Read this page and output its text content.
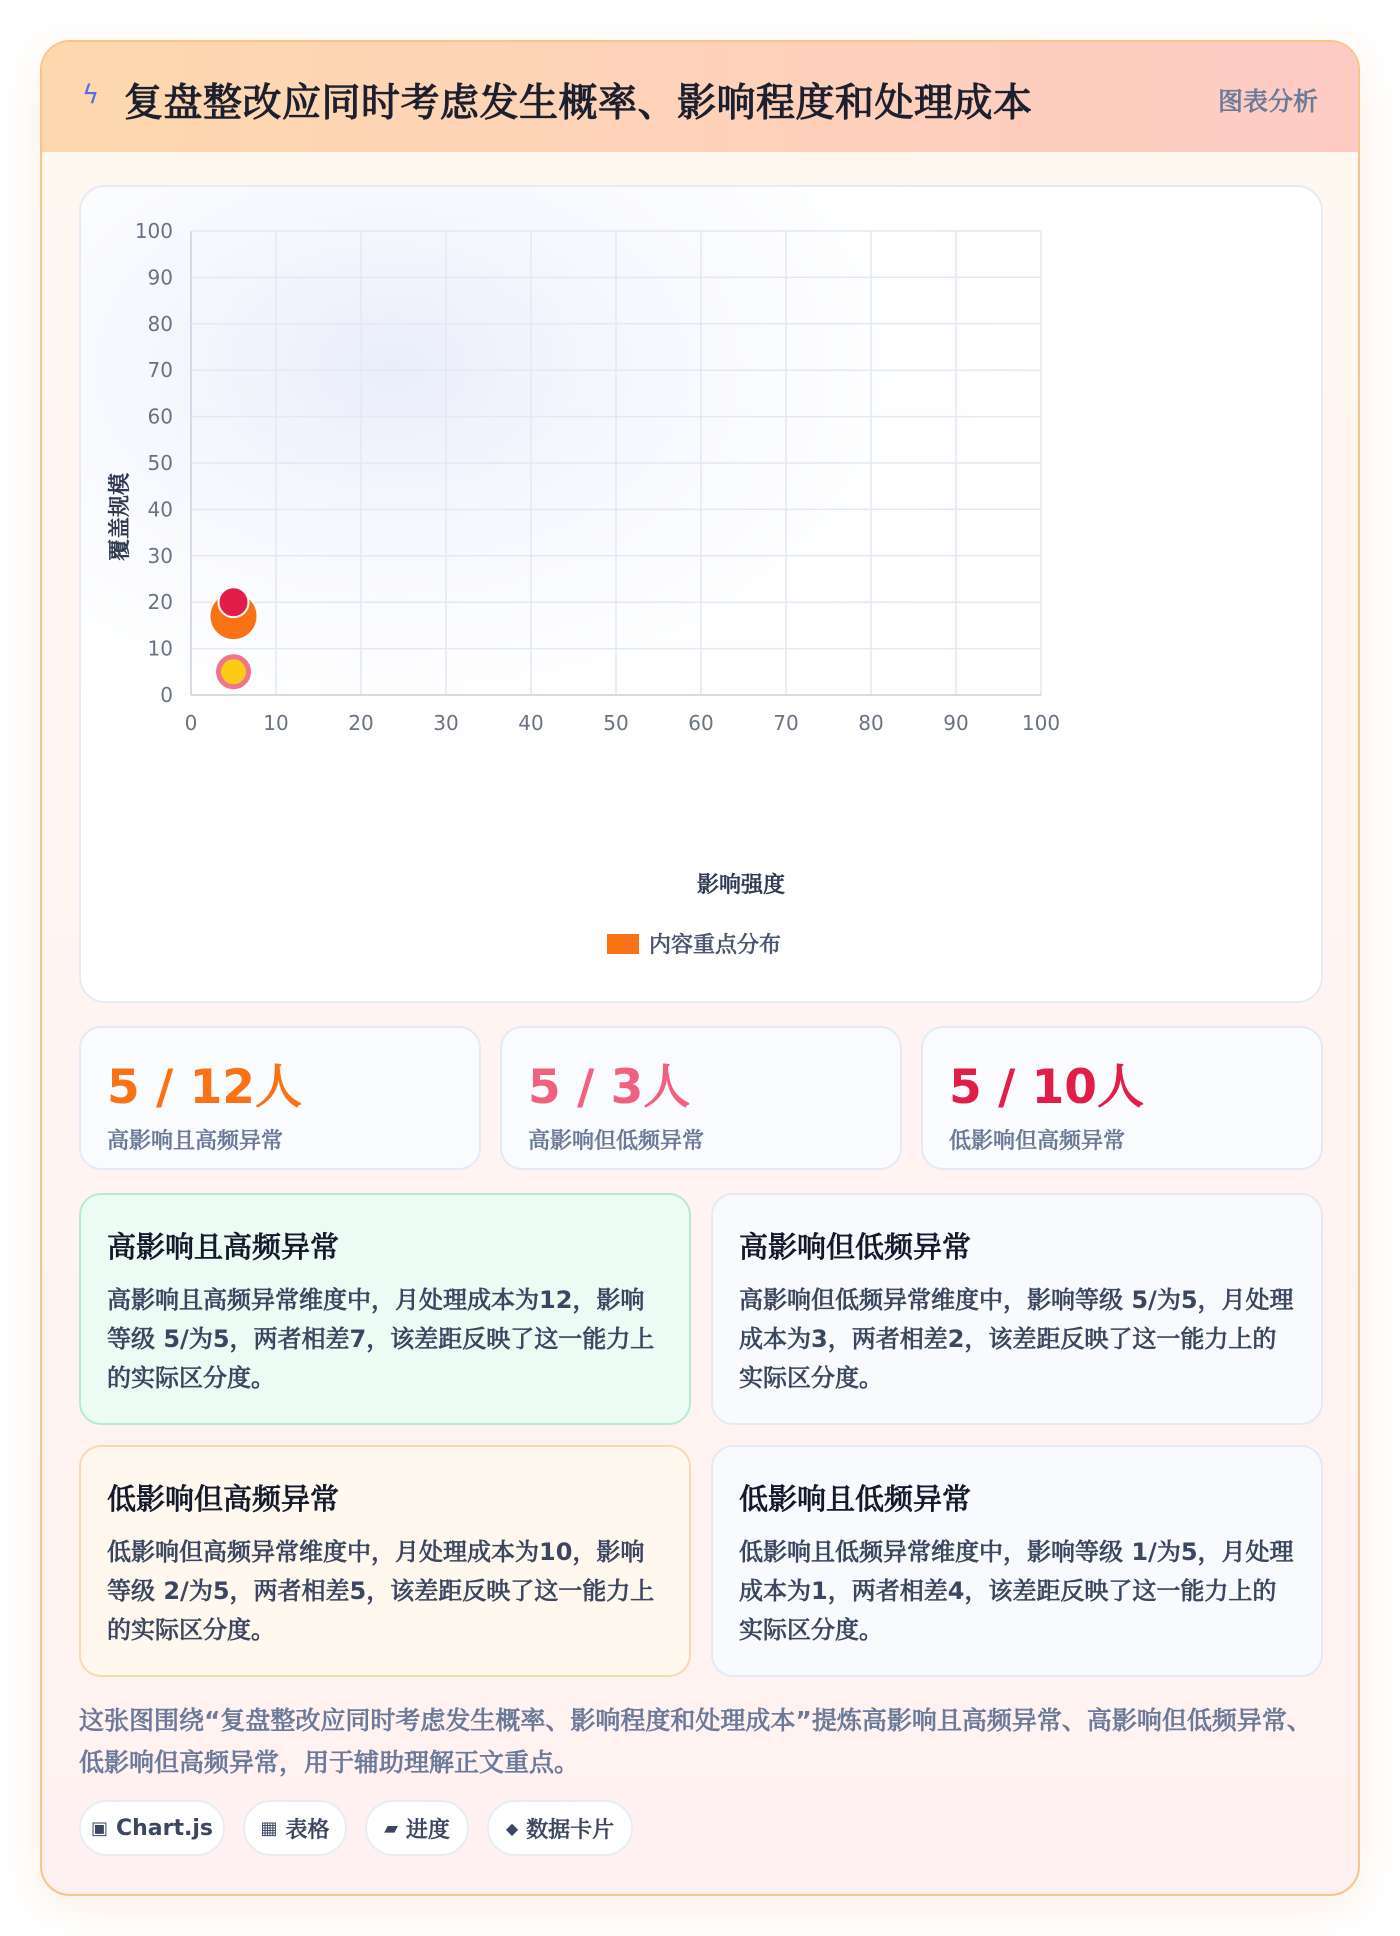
ϟ 复盘整改应同时考虑发生概率、影响程度和处理成本	图表分析
0	10	20	30	40	50	60	70	80	90	100
0
10
20
30
40
50
60
70
80
90
100
影响强度
覆盖规模
内容重点分布
5 / 12人
高影响且高频异常
5 / 3人
高影响但低频异常
5 / 10人
低影响但高频异常
高影响且高频异常
高影响且高频异常维度中，月处理成本为12，影响等级 5/为5，两者相差7，该差距反映了这一能力上的实际区分度。
高影响但低频异常
高影响但低频异常维度中，影响等级 5/为5，月处理成本为3，两者相差2，该差距反映了这一能力上的实际区分度。
低影响但高频异常
低影响但高频异常维度中，月处理成本为10，影响等级 2/为5，两者相差5，该差距反映了这一能力上的实际区分度。
低影响且低频异常
低影响且低频异常维度中，影响等级 1/为5，月处理成本为1，两者相差4，该差距反映了这一能力上的实际区分度。
这张图围绕“复盘整改应同时考虑发生概率、影响程度和处理成本”提炼高影响且高频异常、高影响但低频异常、低影响但高频异常，用于辅助理解正文重点。
▣ Chart.js	▦ 表格	▰ 进度	◆ 数据卡片
